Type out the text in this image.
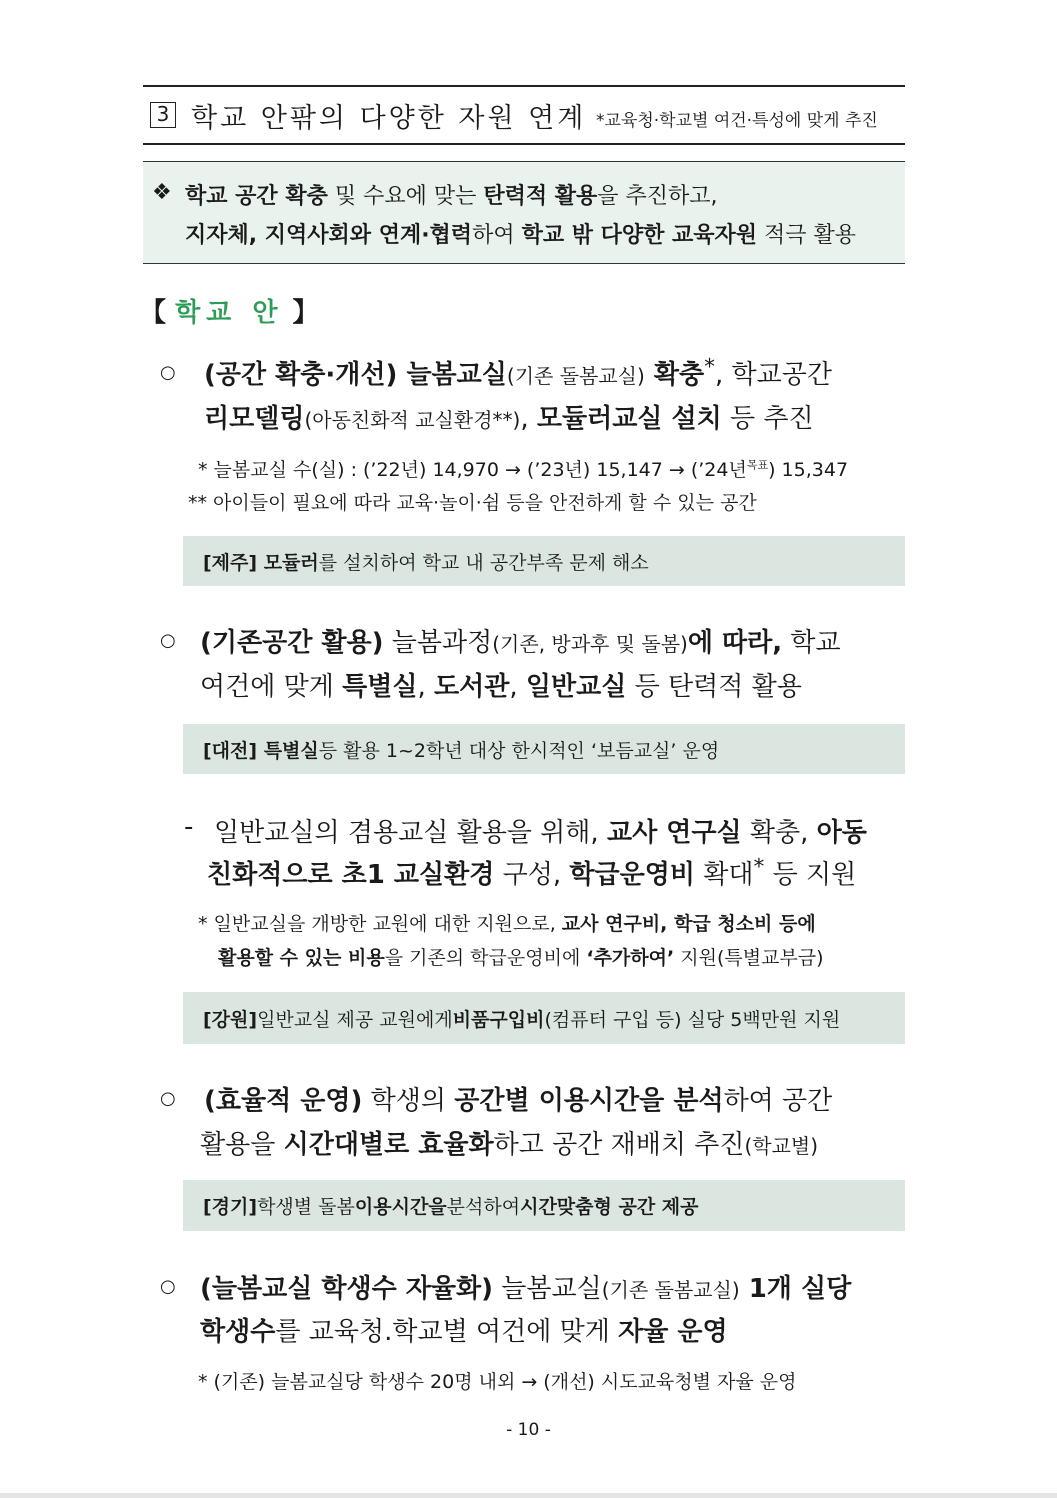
3 학교 안팎의 다양한 자원 연계 *교육청·학교별 여건·특성에 맞게 추진
❖ 학교 공간 확충 및 수요에 맞는 탄력적 활용을 추진하고,
지자체, 지역사회와 연계·협력하여 학교 밖 다양한 교육자원 적극 활용
【 학교 안 】
○ (공간 확충·개선) 늘봄교실(기존 돌봄교실) 확충*, 학교공간
리모델링(아동친화적 교실환경**), 모듈러교실 설치 등 추진
* 늘봄교실 수(실) : (’22년) 14,970 → (’23년) 15,147 → (’24년$^{목표}$) 15,347
** 아이들이 필요에 따라 교육·놀이·쉼 등을 안전하게 할 수 있는 공간
[제주] 모듈러 를 설치하여 학교 내 공간부족 문제 해소
○ (기존공간 활용) 늘봄과정(기존, 방과후 및 돌봄)에 따라, 학교
여건에 맞게 특별실, 도서관, 일반교실 등 탄력적 활용
[대전] 특별실 등 활용 1~2학년 대상 한시적인 ‘보듬교실’ 운영
- 일반교실의 겸용교실 활용을 위해, 교사 연구실 확충, 아동
친화적으로 초1 교실환경 구성, 학급운영비 확대* 등 지원
* 일반교실을 개방한 교원에 대한 지원으로, 교사 연구비, 학급 청소비 등에
활용할 수 있는 비용을 기존의 학급운영비에 ‘추가하여’ 지원(특별교부금)
[강원] 일반교실 제공 교원에게 비품구입비 (컴퓨터 구입 등) 실당 5백만원 지원
○ (효율적 운영) 학생의 공간별 이용시간을 분석하여 공간
활용을 시간대별로 효율화하고 공간 재배치 추진(학교별)
[경기] 학생별 돌봄 이용시간을 분석하여 시간맞춤형 공간 제공
○ (늘봄교실 학생수 자율화) 늘봄교실(기존 돌봄교실) 1개 실당
학생수를 교육청.학교별 여건에 맞게 자율 운영
* (기존) 늘봄교실당 학생수 20명 내외 → (개선) 시도교육청별 자율 운영
- 10 -
